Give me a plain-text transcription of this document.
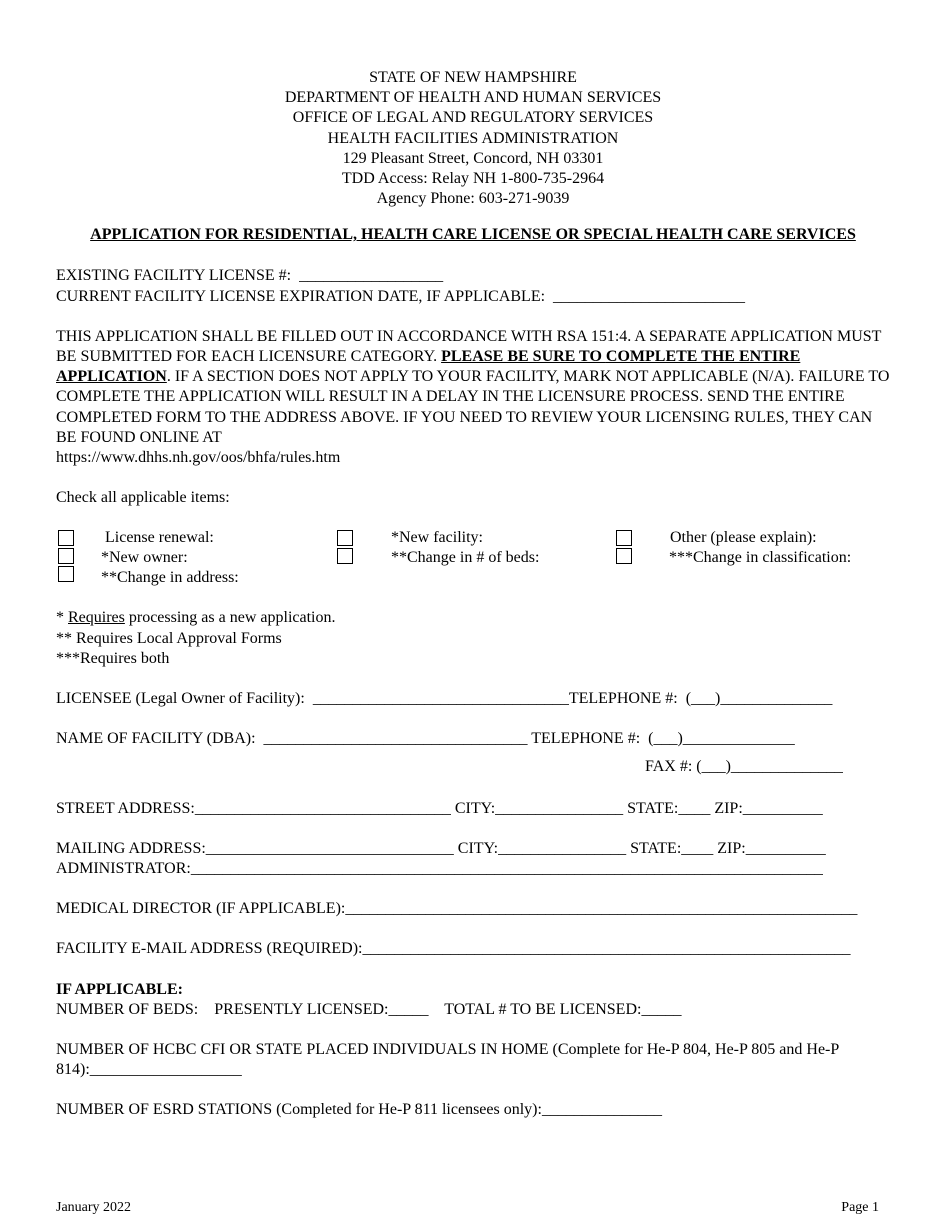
STATE OF NEW HAMPSHIRE
DEPARTMENT OF HEALTH AND HUMAN SERVICES
OFFICE OF LEGAL AND REGULATORY SERVICES
HEALTH FACILITIES ADMINISTRATION
129 Pleasant Street, Concord, NH 03301
TDD Access: Relay NH 1-800-735-2964
Agency Phone: 603-271-9039
APPLICATION FOR RESIDENTIAL, HEALTH CARE LICENSE OR SPECIAL HEALTH CARE SERVICES
EXISTING FACILITY LICENSE #: __________________
CURRENT FACILITY LICENSE EXPIRATION DATE, IF APPLICABLE: ________________________
THIS APPLICATION SHALL BE FILLED OUT IN ACCORDANCE WITH RSA 151:4. A SEPARATE APPLICATION MUST BE SUBMITTED FOR EACH LICENSURE CATEGORY. PLEASE BE SURE TO COMPLETE THE ENTIRE APPLICATION. IF A SECTION DOES NOT APPLY TO YOUR FACILITY, MARK NOT APPLICABLE (N/A). FAILURE TO COMPLETE THE APPLICATION WILL RESULT IN A DELAY IN THE LICENSURE PROCESS. SEND THE ENTIRE COMPLETED FORM TO THE ADDRESS ABOVE. IF YOU NEED TO REVIEW YOUR LICENSING RULES, THEY CAN BE FOUND ONLINE AT
https://www.dhhs.nh.gov/oos/bhfa/rules.htm
Check all applicable items:
License renewal:
*New owner:
**Change in address:
*New facility:
**Change in # of beds:
Other (please explain):
***Change in classification:
* Requires processing as a new application.
** Requires Local Approval Forms
***Requires both
LICENSEE (Legal Owner of Facility):  ________________________________TELEPHONE #:  (___)______________
NAME OF FACILITY (DBA):  _________________________________ TELEPHONE #:  (___)______________
FAX #: (___)______________
STREET ADDRESS:________________________________ CITY:________________ STATE:____ ZIP:__________
MAILING ADDRESS:_______________________________ CITY:________________ STATE:____ ZIP:__________
ADMINISTRATOR:_______________________________________________________________________________
MEDICAL DIRECTOR (IF APPLICABLE):________________________________________________________________
FACILITY E-MAIL ADDRESS (REQUIRED):_____________________________________________________________
IF APPLICABLE:
NUMBER OF BEDS:    PRESENTLY LICENSED:_____    TOTAL # TO BE LICENSED:_____
NUMBER OF HCBC CFI OR STATE PLACED INDIVIDUALS IN HOME (Complete for He-P 804, He-P 805 and He-P 814):___________________
NUMBER OF ESRD STATIONS (Completed for He-P 811 licensees only):_______________
January 2022	Page 1
